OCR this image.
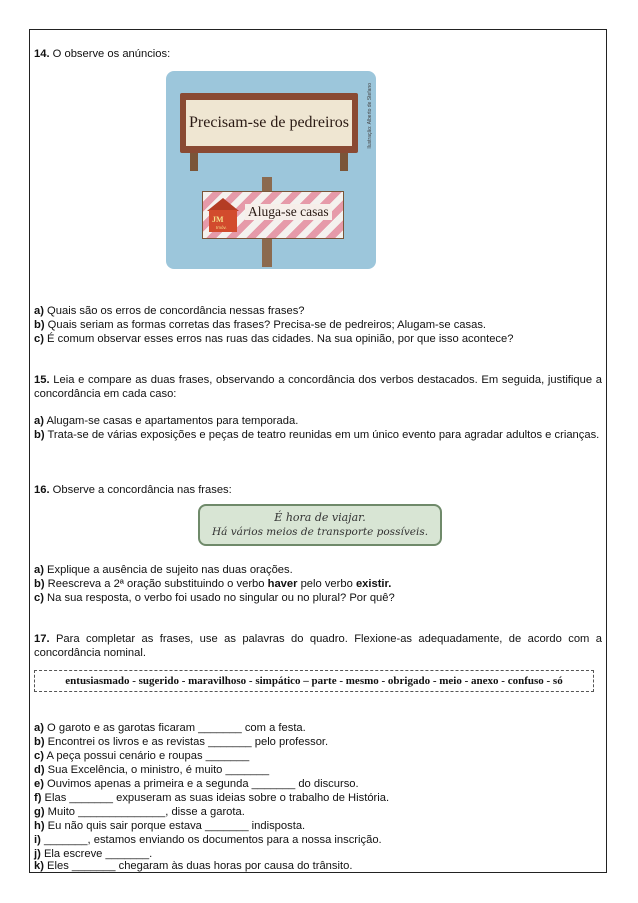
14. O observe os anúncios:
Precisam-se de pedreiros	Ilustração: Alberto de Stefano
JM
Imóv.
Aluga-se casas
a) Quais são os erros de concordância nessas frases?
b) Quais seriam as formas corretas das frases? Precisa-se de pedreiros; Alugam-se casas.
c) É comum observar esses erros nas ruas das cidades. Na sua opinião, por que isso acontece?
15. Leia e compare as duas frases, observando a concordância dos verbos destacados. Em seguida, justifique a concordância em cada caso:
a) Alugam-se casas e apartamentos para temporada.
b) Trata-se de várias exposições e peças de teatro reunidas em um único evento para agradar adultos e crianças.
16. Observe a concordância nas frases:
É hora de viajar.
Há vários meios de transporte possíveis.
a) Explique a ausência de sujeito nas duas orações.
b) Reescreva a 2ª oração substituindo o verbo haver pelo verbo existir.
c) Na sua resposta, o verbo foi usado no singular ou no plural? Por quê?
17. Para completar as frases, use as palavras do quadro. Flexione-as adequadamente, de acordo com a concordância nominal.
entusiasmado - sugerido - maravilhoso - simpático – parte - mesmo - obrigado - meio - anexo - confuso - só
a) O garoto e as garotas ficaram _______ com a festa.
b) Encontrei os livros e as revistas _______ pelo professor.
c) A peça possui cenário e roupas _______
d) Sua Excelência, o ministro, é muito _______
e) Ouvimos apenas a primeira e a segunda _______ do discurso.
f) Elas _______ expuseram as suas ideias sobre o trabalho de História.
g) Muito ______________, disse a garota.
h) Eu não quis sair porque estava _______ indisposta.
i) _______, estamos enviando os documentos para a nossa inscrição.
j) Ela escreve _______.
k) Eles _______ chegaram às duas horas por causa do trânsito.
